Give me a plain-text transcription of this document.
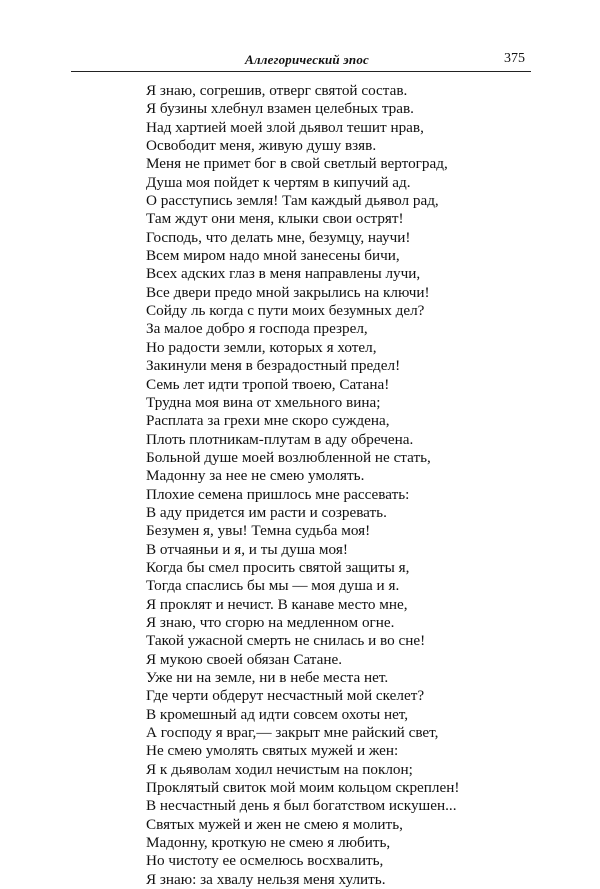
Аллегорический эпос	375
Я знаю, согрешив, отверг святой состав.
Я бузины хлебнул взамен целебных трав.
Над хартией моей злой дьявол тешит нрав,
Освободит меня, живую душу взяв.
Меня не примет бог в свой светлый вертоград,
Душа моя пойдет к чертям в кипучий ад.
О расступись земля! Там каждый дьявол рад,
Там ждут они меня, клыки свои острят!
Господь, что делать мне, безумцу, научи!
Всем миром надо мной занесены бичи,
Всех адских глаз в меня направлены лучи,
Все двери предо мной закрылись на ключи!
Сойду ль когда с пути моих безумных дел?
За малое добро я господа презрел,
Но радости земли, которых я хотел,
Закинули меня в безрадостный предел!
Семь лет идти тропой твоею, Сатана!
Трудна моя вина от хмельного вина;
Расплата за грехи мне скоро суждена,
Плоть плотникам-плутам в аду обречена.
Больной душе моей возлюбленной не стать,
Мадонну за нее не смею умолять.
Плохие семена пришлось мне рассевать:
В аду придется им расти и созревать.
Безумен я, увы! Темна судьба моя!
В отчаяньи и я, и ты душа моя!
Когда бы смел просить святой защиты я,
Тогда спаслись бы мы — моя душа и я.
Я проклят и нечист. В канаве место мне,
Я знаю, что сгорю на медленном огне.
Такой ужасной смерть не снилась и во сне!
Я мукою своей обязан Сатане.
Уже ни на земле, ни в небе места нет.
Где черти обдерут несчастный мой скелет?
В кромешный ад идти совсем охоты нет,
А господу я враг,— закрыт мне райский свет,
Не смею умолять святых мужей и жен:
Я к дьяволам ходил нечистым на поклон;
Проклятый свиток мой моим кольцом скреплен!
В несчастный день я был богатством искушен...
Святых мужей и жен не смею я молить,
Мадонну, кроткую не смею я любить,
Но чистоту ее осмелюсь восхвалить,
Я знаю: за хвалу нельзя меня хулить.
